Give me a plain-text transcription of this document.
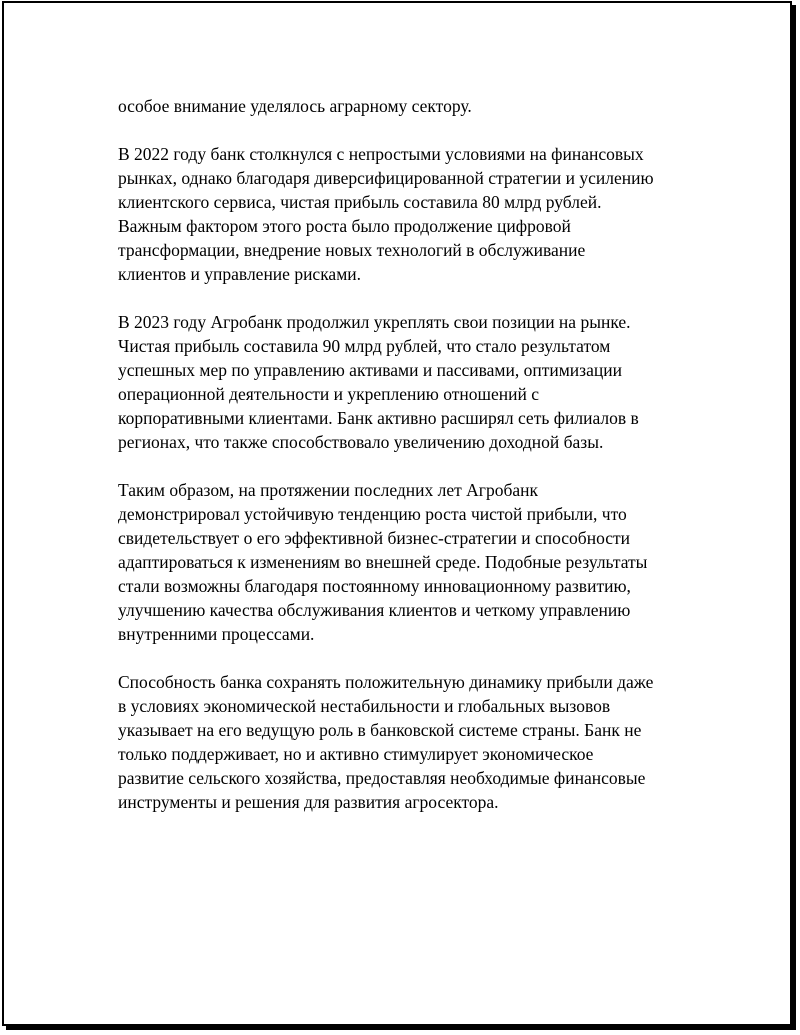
особое внимание уделялось аграрному сектору.

В 2022 году банк столкнулся с непростыми условиями на финансовых
рынках, однако благодаря диверсифицированной стратегии и усилению
клиентского сервиса, чистая прибыль составила 80 млрд рублей.
Важным фактором этого роста было продолжение цифровой
трансформации, внедрение новых технологий в обслуживание
клиентов и управление рисками.

В 2023 году Агробанк продолжил укреплять свои позиции на рынке.
Чистая прибыль составила 90 млрд рублей, что стало результатом
успешных мер по управлению активами и пассивами, оптимизации
операционной деятельности и укреплению отношений с
корпоративными клиентами. Банк активно расширял сеть филиалов в
регионах, что также способствовало увеличению доходной базы.

Таким образом, на протяжении последних лет Агробанк
демонстрировал устойчивую тенденцию роста чистой прибыли, что
свидетельствует о его эффективной бизнес-стратегии и способности
адаптироваться к изменениям во внешней среде. Подобные результаты
стали возможны благодаря постоянному инновационному развитию,
улучшению качества обслуживания клиентов и четкому управлению
внутренними процессами.

Способность банка сохранять положительную динамику прибыли даже
в условиях экономической нестабильности и глобальных вызовов
указывает на его ведущую роль в банковской системе страны. Банк не
только поддерживает, но и активно стимулирует экономическое
развитие сельского хозяйства, предоставляя необходимые финансовые
инструменты и решения для развития агросектора.
